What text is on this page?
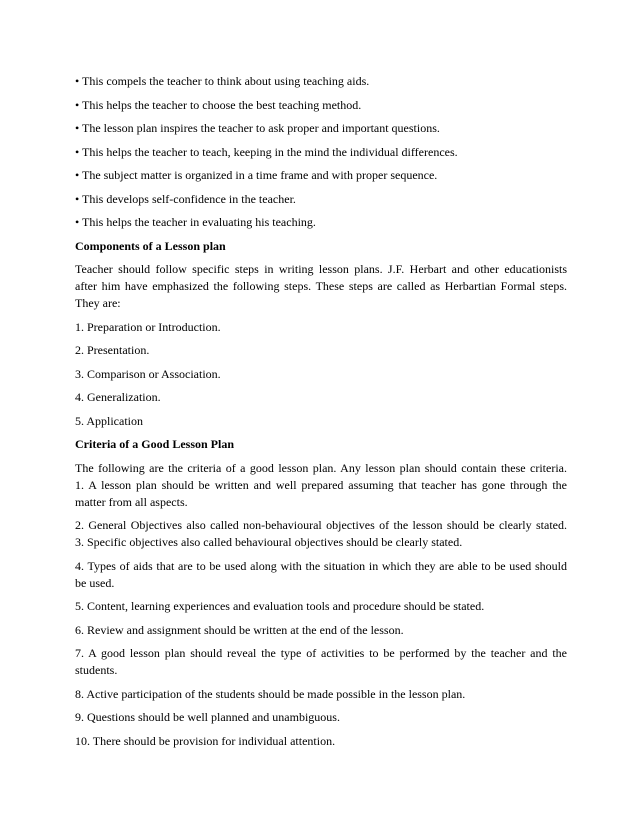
• This compels the teacher to think about using teaching aids.

• This helps the teacher to choose the best teaching method.

• The lesson plan inspires the teacher to ask proper and important questions.

• This helps the teacher to teach, keeping in the mind the individual differences.

• The subject matter is organized in a time frame and with proper sequence.

• This develops self-confidence in the teacher.

• This helps the teacher in evaluating his teaching.

Components of a Lesson plan

Teacher should follow specific steps in writing lesson plans. J.F. Herbart and other educationists
after him have emphasized the following steps. These steps are called as Herbartian Formal steps.
They are:

1. Preparation or Introduction.

2. Presentation.

3. Comparison or Association.

4. Generalization.

5. Application

Criteria of a Good Lesson Plan

The following are the criteria of a good lesson plan. Any lesson plan should contain these criteria.
1. A lesson plan should be written and well prepared assuming that teacher has gone through the
matter from all aspects.

2. General Objectives also called non-behavioural objectives of the lesson should be clearly stated.
3. Specific objectives also called behavioural objectives should be clearly stated.

4. Types of aids that are to be used along with the situation in which they are able to be used should
be used.

5. Content, learning experiences and evaluation tools and procedure should be stated.

6. Review and assignment should be written at the end of the lesson.

7. A good lesson plan should reveal the type of activities to be performed by the teacher and the
students.

8. Active participation of the students should be made possible in the lesson plan.

9. Questions should be well planned and unambiguous.

10. There should be provision for individual attention.
